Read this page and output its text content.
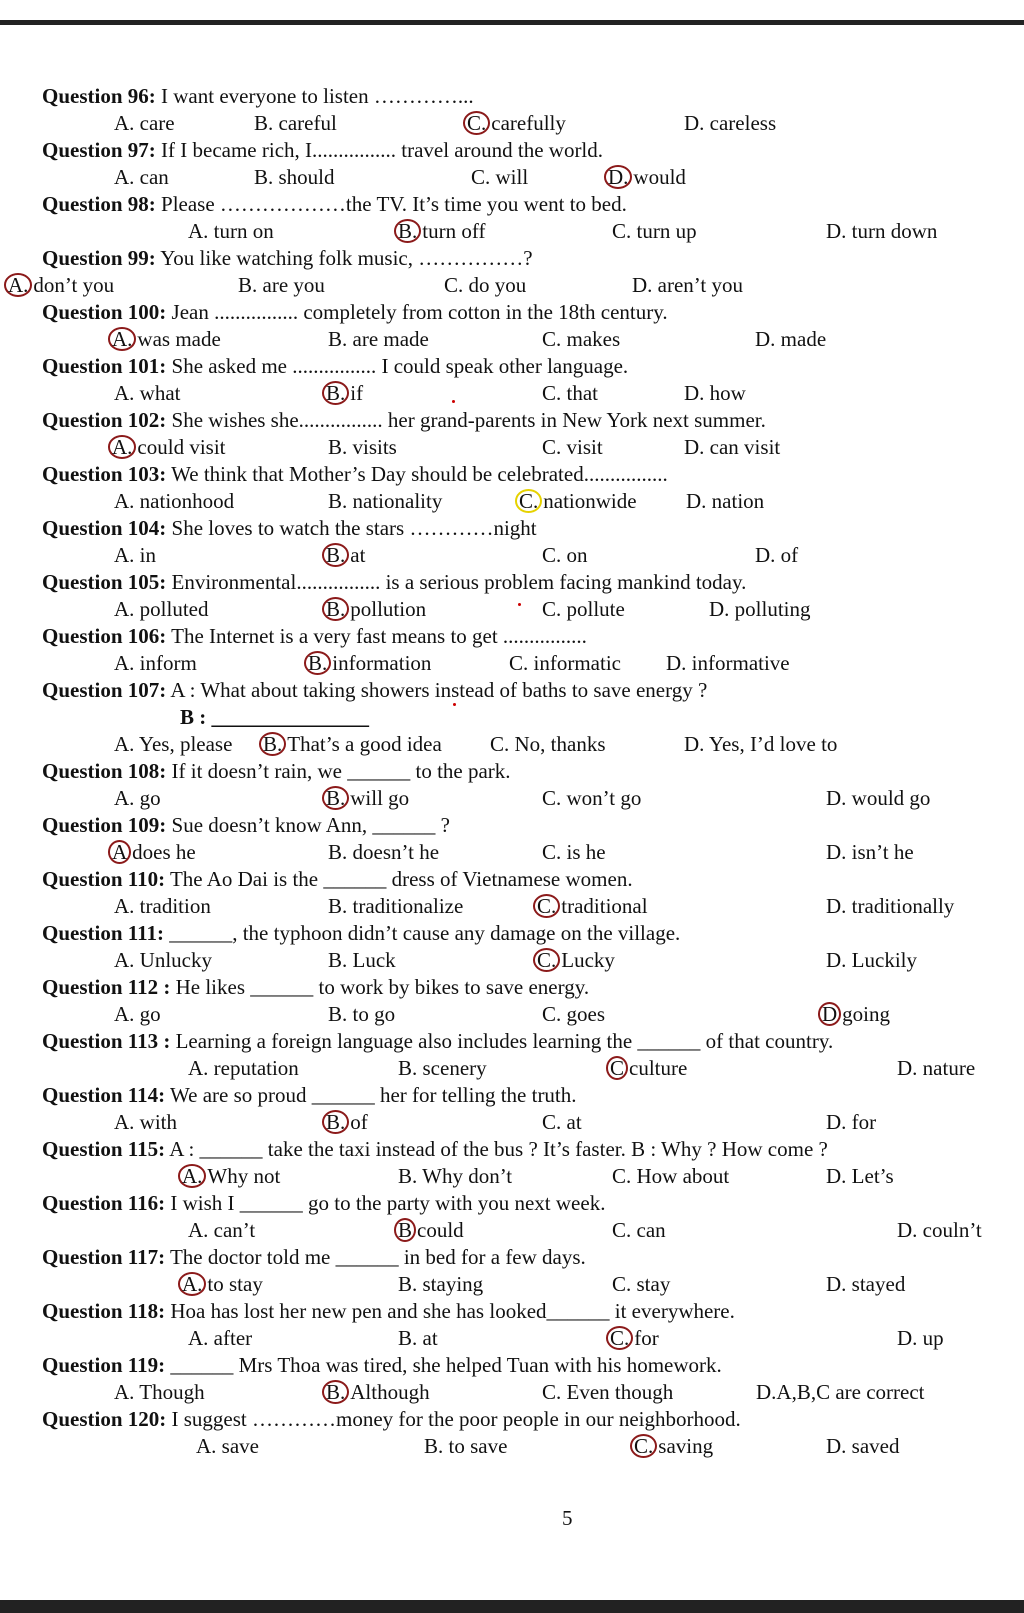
Question 96: I want everyone to listen …………...
A. care	B. careful	C. carefully	D. careless
Question 97: If I became rich, I................ travel around the world.
A. can	B. should	C. will	D. would
Question 98: Please ………………the TV. It’s time you went to bed.
A. turn on	B. turn off	C. turn up	D. turn down
Question 99: You like watching folk music, ……………?
A. don’t you	B. are you	C. do you	D. aren’t you
Question 100: Jean ................ completely from cotton in the 18th century.
A. was made	B. are made	C. makes	D. made
Question 101: She asked me ................ I could speak other language.
A. what	B. if	C. that	D. how
Question 102: She wishes she................ her grand-parents in New York next summer.
A. could visit	B. visits	C. visit	D. can visit
Question 103: We think that Mother’s Day should be celebrated................
A. nationhood	B. nationality	C. nationwide D. nation
Question 104: She loves to watch the stars …………night
A. in	B. at	C. on	D. of
Question 105: Environmental................ is a serious problem facing mankind today.
A. polluted	B. pollution	C. pollute	D. polluting
Question 106: The Internet is a very fast means to get ................
A. inform	B. information	C. informatic D. informative
Question 107: A : What about taking showers instead of baths to save energy ?
B : _______________
A. Yes, please B. That’s a good idea C. No, thanks	D. Yes, I’d love to
Question 108: If it doesn’t rain, we ______ to the park.
A. go	B. will go	C. won’t go	D. would go
Question 109: Sue doesn’t know Ann, ______ ?
A does he	B. doesn’t he	C. is he	D. isn’t he
Question 110: The Ao Dai is the ______ dress of Vietnamese women.
A. tradition	B. traditionalize	C. traditional	D. traditionally
Question 111: ______, the typhoon didn’t cause any damage on the village.
A. Unlucky	B. Luck	C. Lucky	D. Luckily
Question 112 : He likes ______ to work by bikes to save energy.
A. go	B. to go	C. goes	D going
Question 113 : Learning a foreign language also includes learning the ______ of that country.
A. reputation	B. scenery	C culture	D. nature
Question 114: We are so proud ______ her for telling the truth.
A. with	B. of	C. at	D. for
Question 115: A : ______ take the taxi instead of the bus ? It’s faster. B : Why ? How come ?
A. Why not	B. Why don’t	C. How about	D. Let’s
Question 116: I wish I ______ go to the party with you next week.
A. can’t	B could	C. can	D. couln’t
Question 117: The doctor told me ______ in bed for a few days.
A. to stay	B. staying	C. stay	D. stayed
Question 118: Hoa has lost her new pen and she has looked______ it everywhere.
A. after	B. at	C. for	D. up
Question 119: ______ Mrs Thoa was tired, she helped Tuan with his homework.
A. Though	B. Although	C. Even though	D.A,B,C are correct
Question 120: I suggest …………money for the poor people in our neighborhood.
A. save	B. to save	C. saving	D. saved
5
